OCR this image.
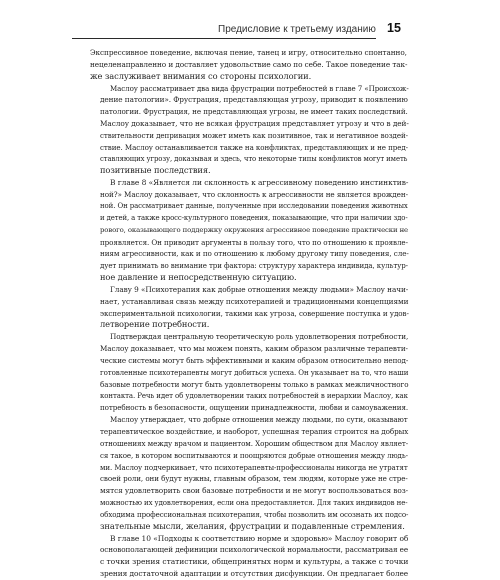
Предисловие к третьему изданию 15
Экспрессивное поведение, включая пение, танец и игру, относительно спонтанно,
нецеленаправленно и доставляет удовольствие само по себе. Такое поведение так-
же заслуживает внимания со стороны психологии.
Маслоу рассматривает два вида фрустрации потребностей в главе 7 «Происхож-
дение патологии». Фрустрация, представляющая угрозу, приводит к появлению
патологии. Фрустрация, не представляющая угрозы, не имеет таких последствий.
Маслоу доказывает, что не всякая фрустрация представляет угрозу и что в дей-
ствительности депривация может иметь как позитивное, так и негативное воздей-
ствие. Маслоу останавливается также на конфликтах, представляющих и не пред-
ставляющих угрозу, доказывая и здесь, что некоторые типы конфликтов могут иметь
позитивные последствия.
В главе 8 «Является ли склонность к агрессивному поведению инстинктив-
ной?» Маслоу доказывает, что склонность к агрессивности не является врожден-
ной. Он рассматривает данные, полученные при исследовании поведения животных
и детей, а также кросс-культурного поведения, показывающие, что при наличии здо-
рового, оказывающего поддержку окружения агрессивное поведение практически не
проявляется. Он приводит аргументы в пользу того, что по отношению к проявле-
ниям агрессивности, как и по отношению к любому другому типу поведения, сле-
дует принимать во внимание три фактора: структуру характера индивида, культур-
ное давление и непосредственную ситуацию.
Главу 9 «Психотерапия как добрые отношения между людьми» Маслоу начи-
нает, устанавливая связь между психотерапией и традиционными концепциями
экспериментальной психологии, такими как угроза, совершение поступка и удов-
летворение потребности.
Подтверждая центральную теоретическую роль удовлетворения потребности,
Маслоу доказывает, что мы можем понять, каким образом различные терапевти-
ческие системы могут быть эффективными и каким образом относительно непод-
готовленные психотерапевты могут добиться успеха. Он указывает на то, что наши
базовые потребности могут быть удовлетворены только в рамках межличностного
контакта. Речь идет об удовлетворении таких потребностей в иерархии Маслоу, как
потребность в безопасности, ощущении принадлежности, любви и самоуважения.
Маслоу утверждает, что добрые отношения между людьми, по сути, оказывают
терапевтическое воздействие, и наоборот, успешная терапия строится на добрых
отношениях между врачом и пациентом. Хорошим обществом для Маслоу являет-
ся такое, в котором воспитываются и поощряются добрые отношения между людь-
ми. Маслоу подчеркивает, что психотерапевты-профессионалы никогда не утратят
своей роли, они будут нужны, главным образом, тем людям, которые уже не стре-
мятся удовлетворить свои базовые потребности и не могут воспользоваться воз-
можностью их удовлетворения, если она предоставляется. Для таких индивидов не-
обходима профессиональная психотерапия, чтобы позволить им осознать их подсо-
знательные мысли, желания, фрустрации и подавленные стремления.
В главе 10 «Подходы к соответствию норме и здоровью» Маслоу говорит об
основополагающей дефиниции психологической нормальности, рассматривая ее
с точки зрения статистики, общепринятых норм и культуры, а также с точки
зрения достаточной адаптации и отсутствия дисфункции. Он предлагает более
